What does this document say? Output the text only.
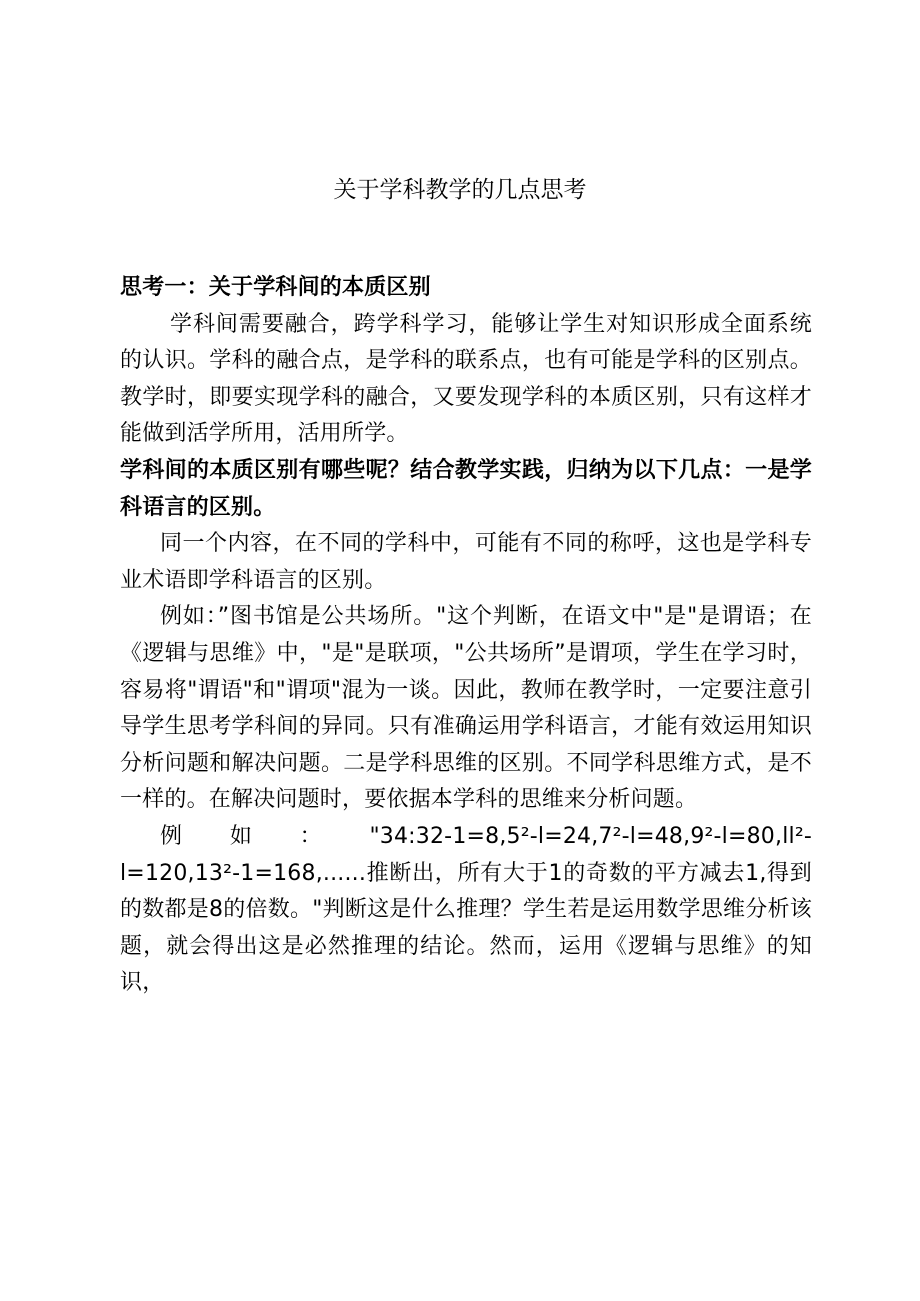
关于学科教学的几点思考

思考一：关于学科间的本质区别

学科间需要融合，跨学科学习，能够让学生对知识形成全面系统的认识。学科的融合点，是学科的联系点，也有可能是学科的区别点。教学时，即要实现学科的融合，又要发现学科的本质区别，只有这样才能做到活学所用，活用所学。

学科间的本质区别有哪些呢？结合教学实践，归纳为以下几点：一是学科语言的区别。

同一个内容，在不同的学科中，可能有不同的称呼，这也是学科专业术语即学科语言的区别。

例如：”图书馆是公共场所。"这个判断，在语文中"是"是谓语；在《逻辑与思维》中，"是"是联项，"公共场所”是谓项，学生在学习时，容易将"谓语"和"谓项"混为一谈。因此，教师在教学时，一定要注意引导学生思考学科间的异同。只有准确运用学科语言，才能有效运用知识分析问题和解决问题。二是学科思维的区别。不同学科思维方式，是不一样的。在解决问题时，要依据本学科的思维来分析问题。

例如："34:32-1=8,5²-l=24,7²-l=48,9²-l=80,ll²-l=120,13²-1=168,......推断出，所有大于1的奇数的平方减去1,得到的数都是8的倍数。"判断这是什么推理？学生若是运用数学思维分析该题，就会得出这是必然推理的结论。然而，运用《逻辑与思维》的知识，
